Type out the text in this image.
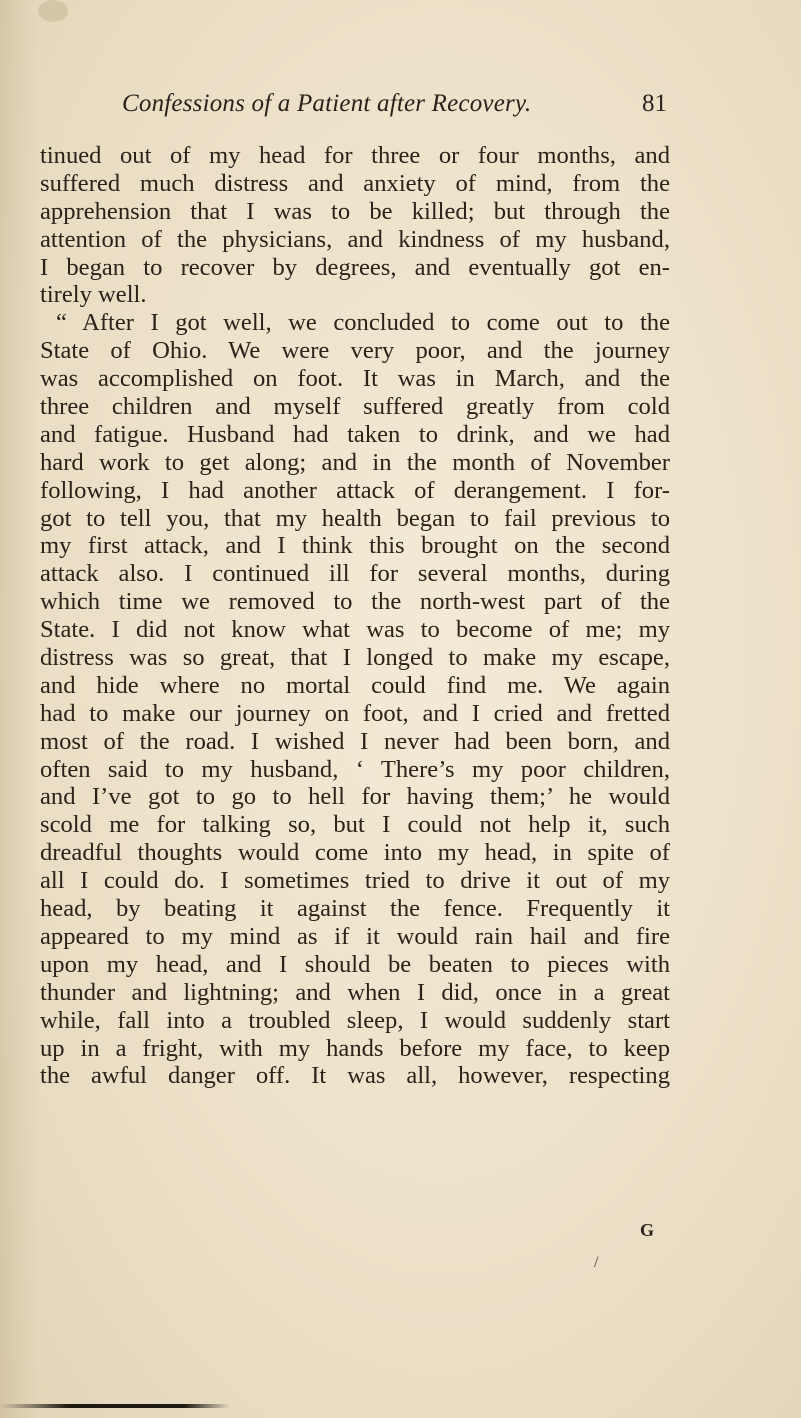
Confessions of a Patient after Recovery.	81
tinued out of my head for three or four months, and
suffered much distress and anxiety of mind, from the
apprehension that I was to be killed; but through the
attention of the physicians, and kindness of my husband,
I began to recover by degrees, and eventually got en-
tirely well.
“ After I got well, we concluded to come out to the
State of Ohio. We were very poor, and the journey
was accomplished on foot. It was in March, and the
three children and myself suffered greatly from cold
and fatigue. Husband had taken to drink, and we had
hard work to get along; and in the month of November
following, I had another attack of derangement. I for-
got to tell you, that my health began to fail previous to
my first attack, and I think this brought on the second
attack also. I continued ill for several months, during
which time we removed to the north-west part of the
State. I did not know what was to become of me; my
distress was so great, that I longed to make my escape,
and hide where no mortal could find me. We again
had to make our journey on foot, and I cried and fretted
most of the road. I wished I never had been born, and
often said to my husband, ‘ There’s my poor children,
and I’ve got to go to hell for having them;’ he would
scold me for talking so, but I could not help it, such
dreadful thoughts would come into my head, in spite of
all I could do. I sometimes tried to drive it out of my
head, by beating it against the fence. Frequently it
appeared to my mind as if it would rain hail and fire
upon my head, and I should be beaten to pieces with
thunder and lightning; and when I did, once in a great
while, fall into a troubled sleep, I would suddenly start
up in a fright, with my hands before my face, to keep
the awful danger off. It was all, however, respecting
G
/
